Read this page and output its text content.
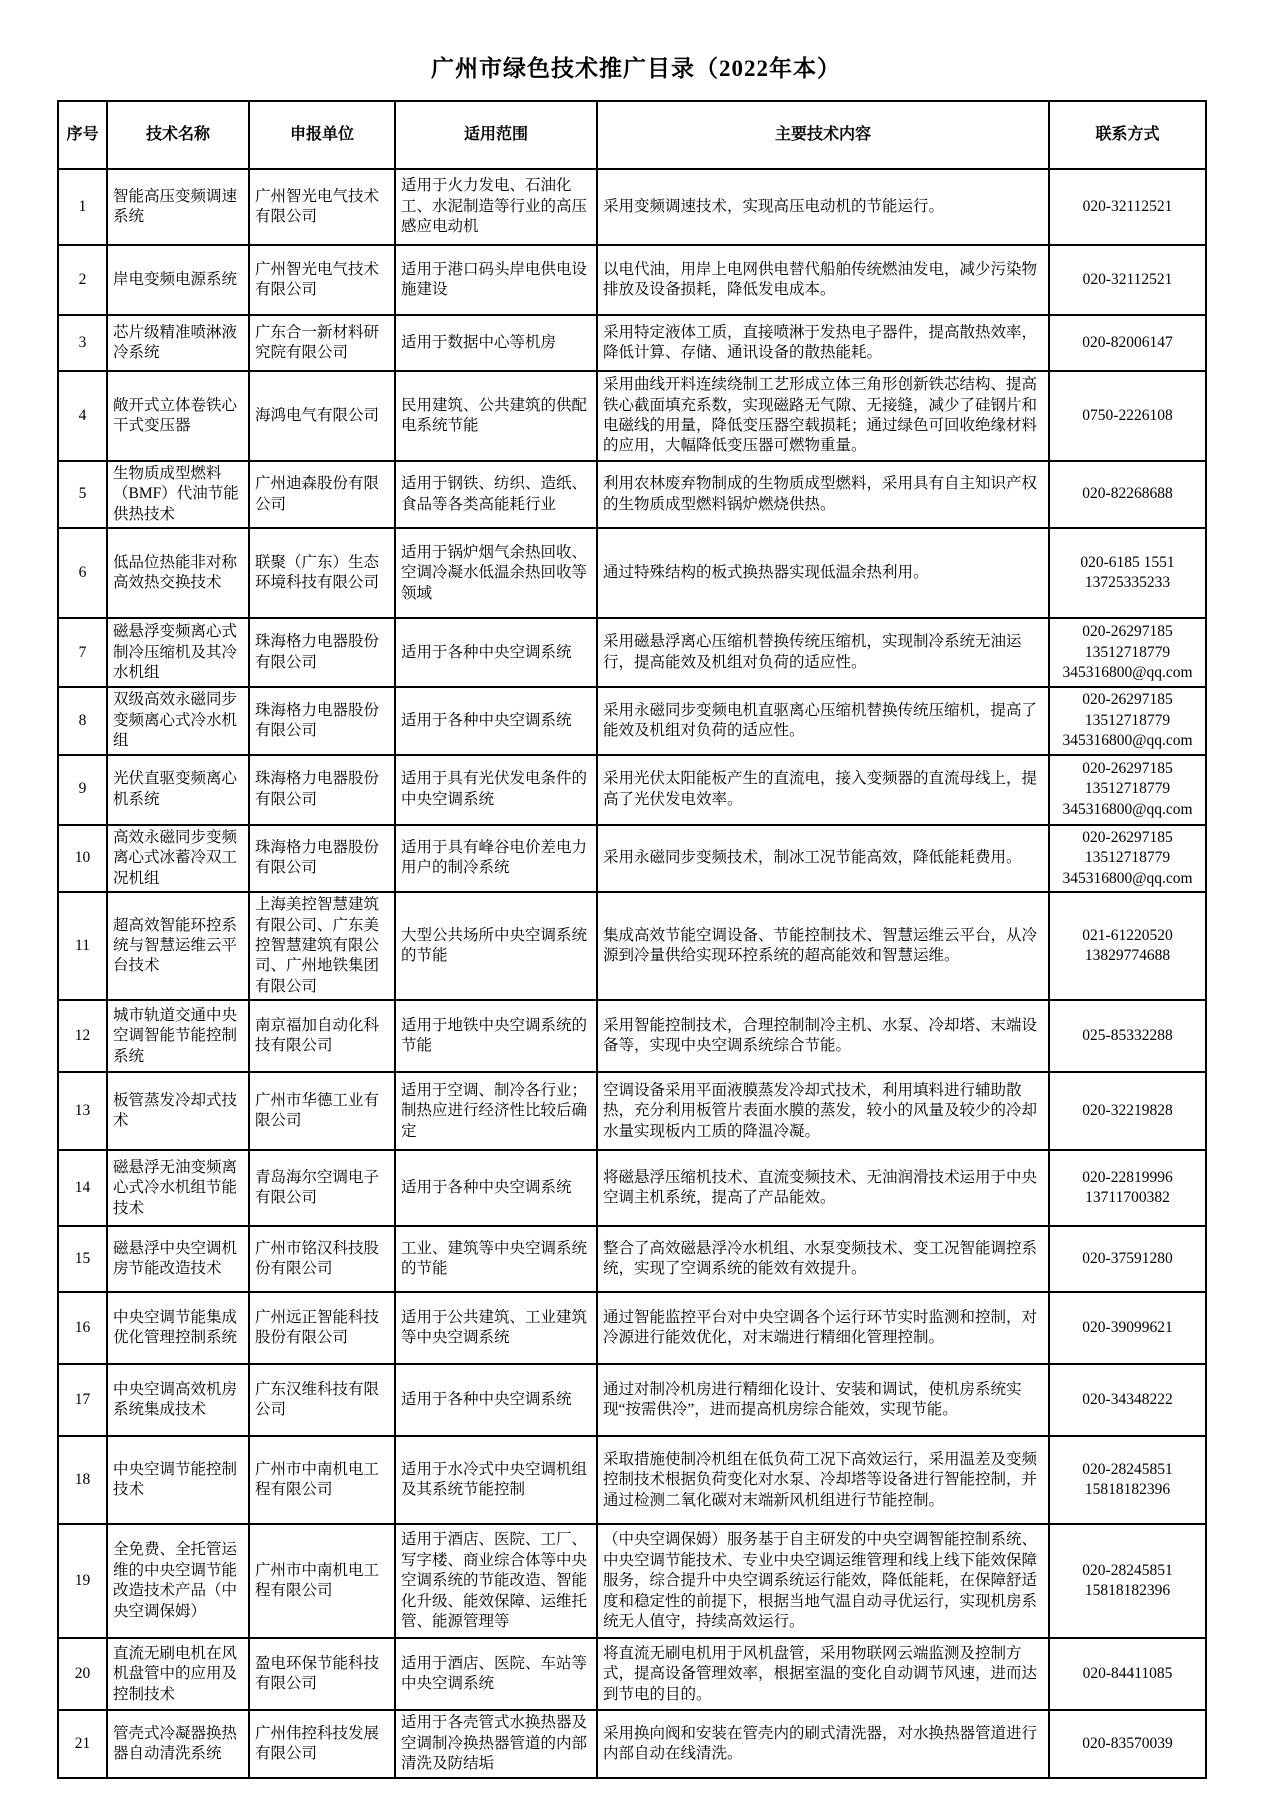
广州市绿色技术推广目录（2022年本）
序号	技术名称	申报单位	适用范围	主要技术内容	联系方式
1	智能高压变频调速系统	广州智光电气技术有限公司	适用于火力发电、石油化工、水泥制造等行业的高压感应电动机	采用变频调速技术，实现高压电动机的节能运行。	020-32112521

2	岸电变频电源系统	广州智光电气技术有限公司	适用于港口码头岸电供电设施建设	以电代油，用岸上电网供电替代船舶传统燃油发电，减少污染物排放及设备损耗，降低发电成本。	020-32112521

3	芯片级精准喷淋液冷系统	广东合一新材料研究院有限公司	适用于数据中心等机房	采用特定液体工质，直接喷淋于发热电子器件，提高散热效率，降低计算、存储、通讯设备的散热能耗。	020-82006147

4	敞开式立体卷铁心干式变压器	海鸿电气有限公司	民用建筑、公共建筑的供配电系统节能	采用曲线开料连续绕制工艺形成立体三角形创新铁芯结构、提高铁心截面填充系数，实现磁路无气隙、无接缝，减少了硅钢片和电磁线的用量，降低变压器空载损耗；通过绿色可回收绝缘材料的应用，大幅降低变压器可燃物重量。	0750-2226108

5	生物质成型燃料（BMF）代油节能供热技术	广州迪森股份有限公司	适用于钢铁、纺织、造纸、食品等各类高能耗行业	利用农林废弃物制成的生物质成型燃料，采用具有自主知识产权的生物质成型燃料锅炉燃烧供热。	020-82268688

6	低品位热能非对称高效热交换技术	联聚（广东）生态环境科技有限公司	适用于锅炉烟气余热回收、空调冷凝水低温余热回收等领域	通过特殊结构的板式换热器实现低温余热利用。	020-6185 1551
13725335233

7	磁悬浮变频离心式制冷压缩机及其冷水机组	珠海格力电器股份有限公司	适用于各种中央空调系统	采用磁悬浮离心压缩机替换传统压缩机，实现制冷系统无油运行，提高能效及机组对负荷的适应性。	020-26297185
13512718779
345316800@qq.com

8	双级高效永磁同步变频离心式冷水机组	珠海格力电器股份有限公司	适用于各种中央空调系统	采用永磁同步变频电机直驱离心压缩机替换传统压缩机，提高了能效及机组对负荷的适应性。	020-26297185
13512718779
345316800@qq.com

9	光伏直驱变频离心机系统	珠海格力电器股份有限公司	适用于具有光伏发电条件的中央空调系统	采用光伏太阳能板产生的直流电，接入变频器的直流母线上，提高了光伏发电效率。	020-26297185
13512718779
345316800@qq.com

10	高效永磁同步变频离心式冰蓄冷双工况机组	珠海格力电器股份有限公司	适用于具有峰谷电价差电力用户的制冷系统	采用永磁同步变频技术，制冰工况节能高效，降低能耗费用。	020-26297185
13512718779
345316800@qq.com

11	超高效智能环控系统与智慧运维云平台技术	上海美控智慧建筑有限公司、广东美控智慧建筑有限公司、广州地铁集团有限公司	大型公共场所中央空调系统的节能	集成高效节能空调设备、节能控制技术、智慧运维云平台，从冷源到冷量供给实现环控系统的超高能效和智慧运维。	021-61220520
13829774688

12	城市轨道交通中央空调智能节能控制系统	南京福加自动化科技有限公司	适用于地铁中央空调系统的节能	采用智能控制技术，合理控制制冷主机、水泵、冷却塔、末端设备等，实现中央空调系统综合节能。	025-85332288

13	板管蒸发冷却式技术	广州市华德工业有限公司	适用于空调、制冷各行业；制热应进行经济性比较后确定	空调设备采用平面液膜蒸发冷却式技术，利用填料进行辅助散热，充分利用板管片表面水膜的蒸发，较小的风量及较少的冷却水量实现板内工质的降温冷凝。	020-32219828

14	磁悬浮无油变频离心式冷水机组节能技术	青岛海尔空调电子有限公司	适用于各种中央空调系统	将磁悬浮压缩机技术、直流变频技术、无油润滑技术运用于中央空调主机系统，提高了产品能效。	020-22819996
13711700382

15	磁悬浮中央空调机房节能改造技术	广州市铭汉科技股份有限公司	工业、建筑等中央空调系统的节能	整合了高效磁悬浮冷水机组、水泵变频技术、变工况智能调控系统，实现了空调系统的能效有效提升。	020-37591280

16	中央空调节能集成优化管理控制系统	广州远正智能科技股份有限公司	适用于公共建筑、工业建筑等中央空调系统	通过智能监控平台对中央空调各个运行环节实时监测和控制，对冷源进行能效优化，对末端进行精细化管理控制。	020-39099621

17	中央空调高效机房系统集成技术	广东汉维科技有限公司	适用于各种中央空调系统	通过对制冷机房进行精细化设计、安装和调试，使机房系统实现“按需供冷”，进而提高机房综合能效，实现节能。	020-34348222

18	中央空调节能控制技术	广州市中南机电工程有限公司	适用于水冷式中央空调机组及其系统节能控制	采取措施使制冷机组在低负荷工况下高效运行，采用温差及变频控制技术根据负荷变化对水泵、冷却塔等设备进行智能控制，并通过检测二氧化碳对末端新风机组进行节能控制。	020-28245851
15818182396

19	全免费、全托管运维的中央空调节能改造技术产品（中央空调保姆）	广州市中南机电工程有限公司	适用于酒店、医院、工厂、写字楼、商业综合体等中央空调系统的节能改造、智能化升级、能效保障、运维托管、能源管理等	（中央空调保姆）服务基于自主研发的中央空调智能控制系统、中央空调节能技术、专业中央空调运维管理和线上线下能效保障服务，综合提升中央空调系统运行能效，降低能耗，在保障舒适度和稳定性的前提下，根据当地气温自动寻优运行，实现机房系统无人值守，持续高效运行。	020-28245851
15818182396

20	直流无刷电机在风机盘管中的应用及控制技术	盈电环保节能科技有限公司	适用于酒店、医院、车站等中央空调系统	将直流无刷电机用于风机盘管，采用物联网云端监测及控制方式，提高设备管理效率，根据室温的变化自动调节风速，进而达到节电的目的。	020-84411085

21	管壳式冷凝器换热器自动清洗系统	广州伟控科技发展有限公司	适用于各壳管式水换热器及空调制冷换热器管道的内部清洗及防结垢	采用换向阀和安装在管壳内的刷式清洗器，对水换热器管道进行内部自动在线清洗。	020-83570039
